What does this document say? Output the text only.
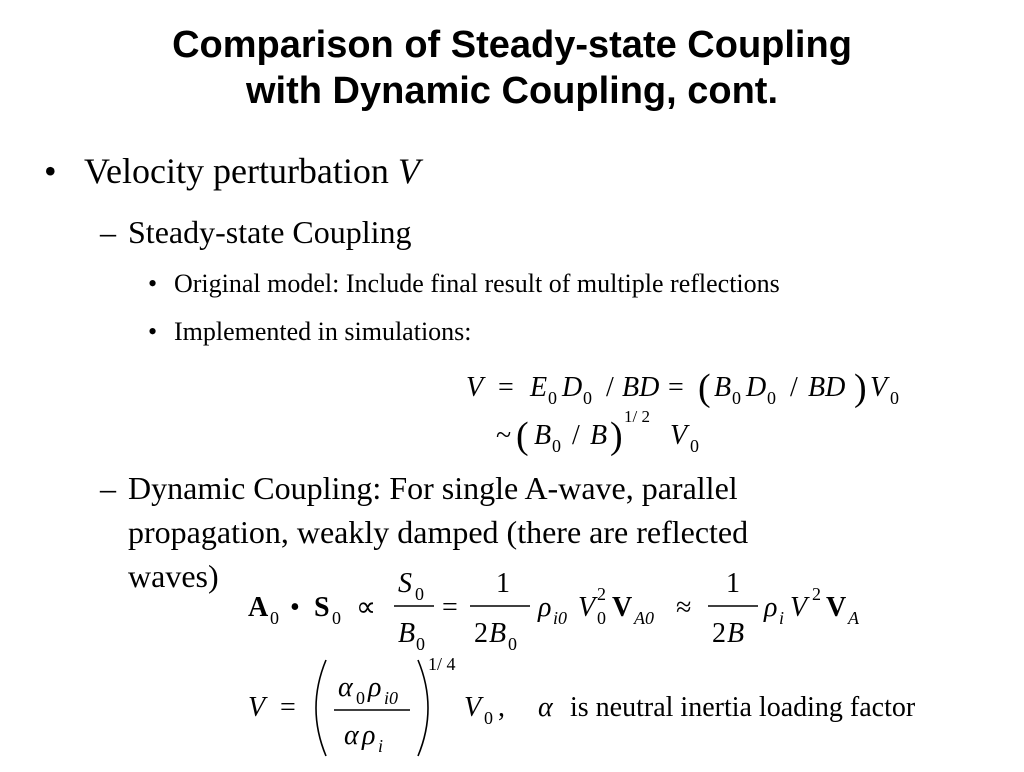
Comparison of Steady-state Coupling
with Dynamic Coupling, cont.
• Velocity perturbation V
– Steady-state Coupling
• Original model: Include final result of multiple reflections
• Implemented in simulations:
V = E 0 D 0 / BD = ( B 0 D 0 / BD ) V 0
~ ( B 0 / B ) 1/ 2
V 0
– Dynamic Coupling: For single A-wave, parallel
propagation, weakly damped (there are reflected
waves)
A 0 • S 0 ∝
S 0
B 0
=
1
2 B 0
ρ i0 V 0
2 V A0 ≈
1
2 B
ρ i V 2 V A
V =
α 0 ρ i0
α ρ i
1/ 4
V 0 , α is neutral inertia loading factor
